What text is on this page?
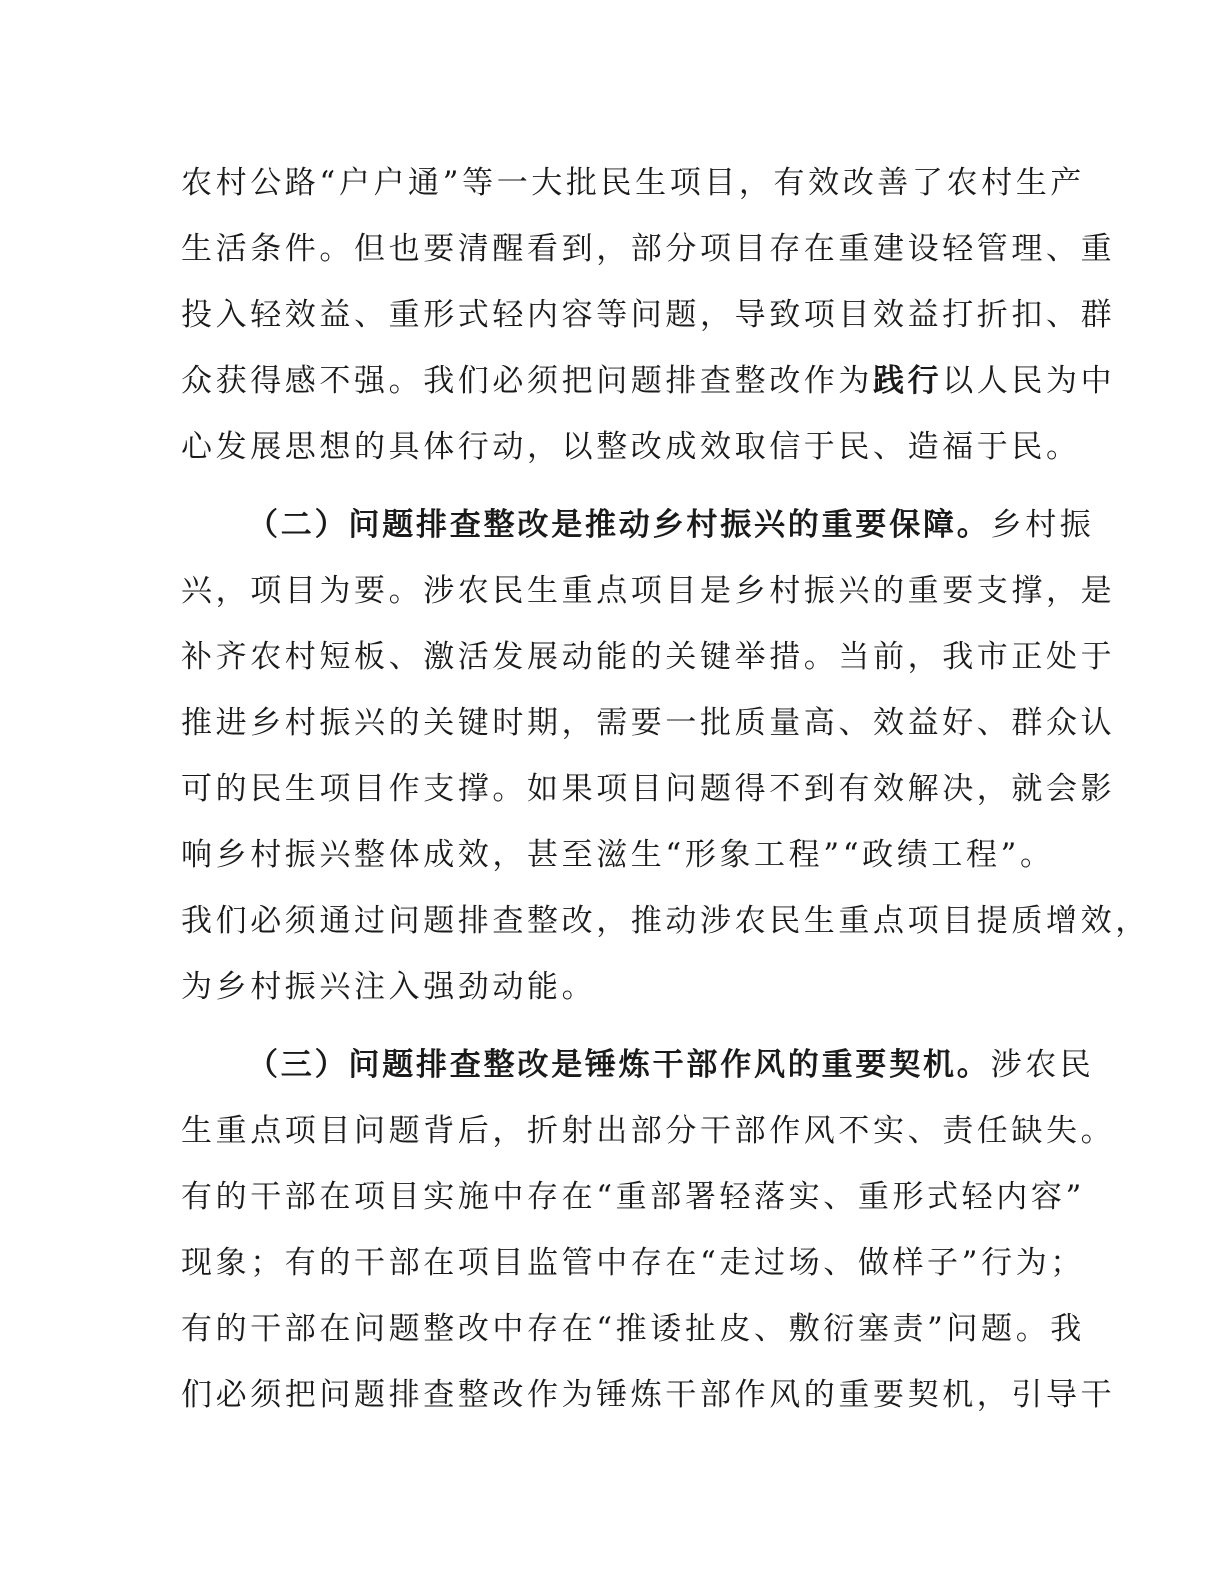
农村公路“户户通”等一大批民生项目，有效改善了农村生产
生活条件。但也要清醒看到，部分项目存在重建设轻管理、重
投入轻效益、重形式轻内容等问题，导致项目效益打折扣、群
众获得感不强。我们必须把问题排查整改作为践行以人民为中
心发展思想的具体行动，以整改成效取信于民、造福于民。
（二）问题排查整改是推动乡村振兴的重要保障。乡村振
兴，项目为要。涉农民生重点项目是乡村振兴的重要支撑，是
补齐农村短板、激活发展动能的关键举措。当前，我市正处于
推进乡村振兴的关键时期，需要一批质量高、效益好、群众认
可的民生项目作支撑。如果项目问题得不到有效解决，就会影
响乡村振兴整体成效，甚至滋生“形象工程”“政绩工程”。
我们必须通过问题排查整改，推动涉农民生重点项目提质增效，
为乡村振兴注入强劲动能。
（三）问题排查整改是锤炼干部作风的重要契机。涉农民
生重点项目问题背后，折射出部分干部作风不实、责任缺失。
有的干部在项目实施中存在“重部署轻落实、重形式轻内容”
现象；有的干部在项目监管中存在“走过场、做样子”行为；
有的干部在问题整改中存在“推诿扯皮、敷衍塞责”问题。我
们必须把问题排查整改作为锤炼干部作风的重要契机，引导干
